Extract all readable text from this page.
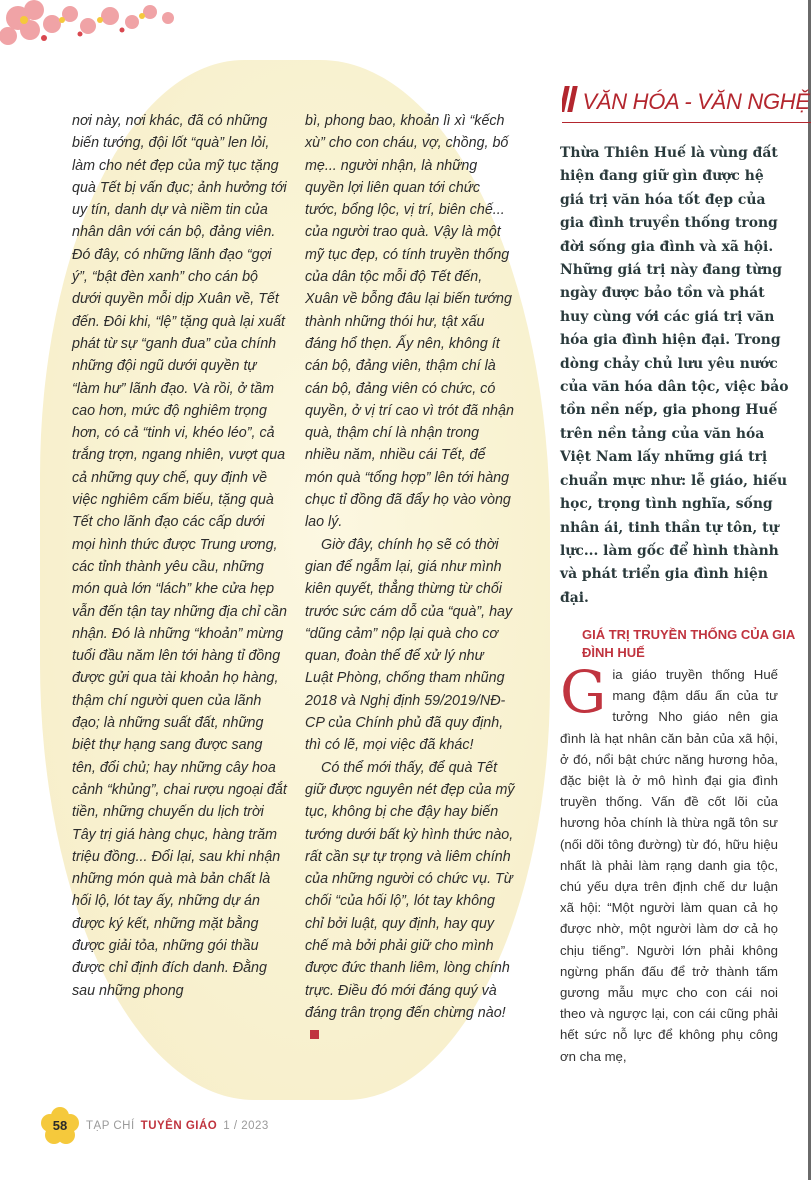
nơi này, nơi khác, đã có những biến tướng, đội lốt “quà” len lỏi, làm cho nét đẹp của mỹ tục tặng quà Tết bị vấn đục; ảnh hưởng tới uy tín, danh dự và niềm tin của nhân dân với cán bộ, đảng viên. Đó đây, có những lãnh đạo “gợi ý”, “bật đèn xanh” cho cán bộ dưới quyền mỗi dịp Xuân về, Tết đến. Đôi khi, “lệ” tặng quà lại xuất phát từ sự “ganh đua” của chính những đội ngũ dưới quyền tự “làm hư” lãnh đạo. Và rồi, ở tầm cao hơn, mức độ nghiêm trọng hơn, có cả “tinh vi, khéo léo”, cả trắng trợn, ngang nhiên, vượt qua cả những quy chế, quy định về việc nghiêm cấm biếu, tặng quà Tết cho lãnh đạo các cấp dưới mọi hình thức được Trung ương, các tỉnh thành yêu cầu, những món quà lớn “lách” khe cửa hẹp vẫn đến tận tay những địa chỉ cần nhận. Đó là những “khoản” mừng tuổi đầu năm lên tới hàng tỉ đồng được gửi qua tài khoản họ hàng, thậm chí người quen của lãnh đạo; là những suất đất, những biệt thự hạng sang được sang tên, đổi chủ; hay những cây hoa cảnh “khủng”, chai rượu ngoại đắt tiền, những chuyến du lịch trời Tây trị giá hàng chục, hàng trăm triệu đồng... Đổi lại, sau khi nhận những món quà mà bản chất là hối lộ, lót tay ấy, những dự án được ký kết, những mặt bằng được giải tỏa, những gói thầu được chỉ định đích danh. Đằng sau những phong

bì, phong bao, khoản lì xì “kếch xù” cho con cháu, vợ, chồng, bố mẹ... người nhận, là những quyền lợi liên quan tới chức tước, bổng lộc, vị trí, biên chế... của người trao quà. Vậy là một mỹ tục đẹp, có tính truyền thống của dân tộc mỗi độ Tết đến, Xuân về bỗng đâu lại biến tướng thành những thói hư, tật xấu đáng hổ thẹn. Ấy nên, không ít cán bộ, đảng viên, thậm chí là cán bộ, đảng viên có chức, có quyền, ở vị trí cao vì trót đã nhận quà, thậm chí là nhận trong nhiều năm, nhiều cái Tết, để món quà “tổng hợp” lên tới hàng chục tỉ đồng đã đẩy họ vào vòng lao lý.

Giờ đây, chính họ sẽ có thời gian để ngẫm lại, giá như mình kiên quyết, thẳng thừng từ chối trước sức cám dỗ của “quà”, hay “dũng cảm” nộp lại quà cho cơ quan, đoàn thể để xử lý như Luật Phòng, chống tham nhũng 2018 và Nghị định 59/2019/NĐ-CP của Chính phủ đã quy định, thì có lẽ, mọi việc đã khác!

Có thể mới thấy, để quà Tết giữ được nguyên nét đẹp của mỹ tục, không bị che đậy hay biến tướng dưới bất kỳ hình thức nào, rất cần sự tự trọng và liêm chính của những người có chức vụ. Từ chối “của hối lộ”, lót tay không chỉ bởi luật, quy định, hay quy chế mà bởi phải giữ cho mình được đức thanh liêm, lòng chính trực. Điều đó mới đáng quý và đáng trân trọng đến chừng nào!

VĂN HÓA - VĂN NGHỆ
Thừa Thiên Huế là vùng đất hiện đang giữ gìn được hệ giá trị văn hóa tốt đẹp của gia đình truyền thống trong đời sống gia đình và xã hội. Những giá trị này đang từng ngày được bảo tồn và phát huy cùng với các giá trị văn hóa gia đình hiện đại. Trong dòng chảy chủ lưu yêu nước của văn hóa dân tộc, việc bảo tồn nền nếp, gia phong Huế trên nền tảng của văn hóa Việt Nam lấy những giá trị chuẩn mực như: lễ giáo, hiếu học, trọng tình nghĩa, sống nhân ái, tinh thần tự tôn, tự lực... làm gốc để hình thành và phát triển gia đình hiện đại.
GIÁ TRỊ TRUYỀN THỐNG CỦA GIA ĐÌNH HUẾ
G ia giáo truyền thống Huế mang đậm dấu ấn của tư tưởng Nho giáo nên gia đình là hạt nhân căn bản của xã hội, ở đó, nổi bật chức năng hương hỏa, đặc biệt là ở mô hình đại gia đình truyền thống. Vấn đề cốt lõi của hương hỏa chính là thừa ngã tôn sư (nối dõi tông đường) từ đó, hữu hiệu nhất là phải làm rạng danh gia tộc, chú yếu dựa trên định chế dư luận xã hội: “Một người làm quan cả họ được nhờ, một người làm dơ cả họ chịu tiếng”. Người lớn phải không ngừng phấn đấu để trở thành tấm gương mẫu mực cho con cái noi theo và ngược lại, con cái cũng phải hết sức nỗ lực để không phụ công ơn cha mẹ,
58	TẠP CHÍ TUYÊN GIÁO 1 / 2023
